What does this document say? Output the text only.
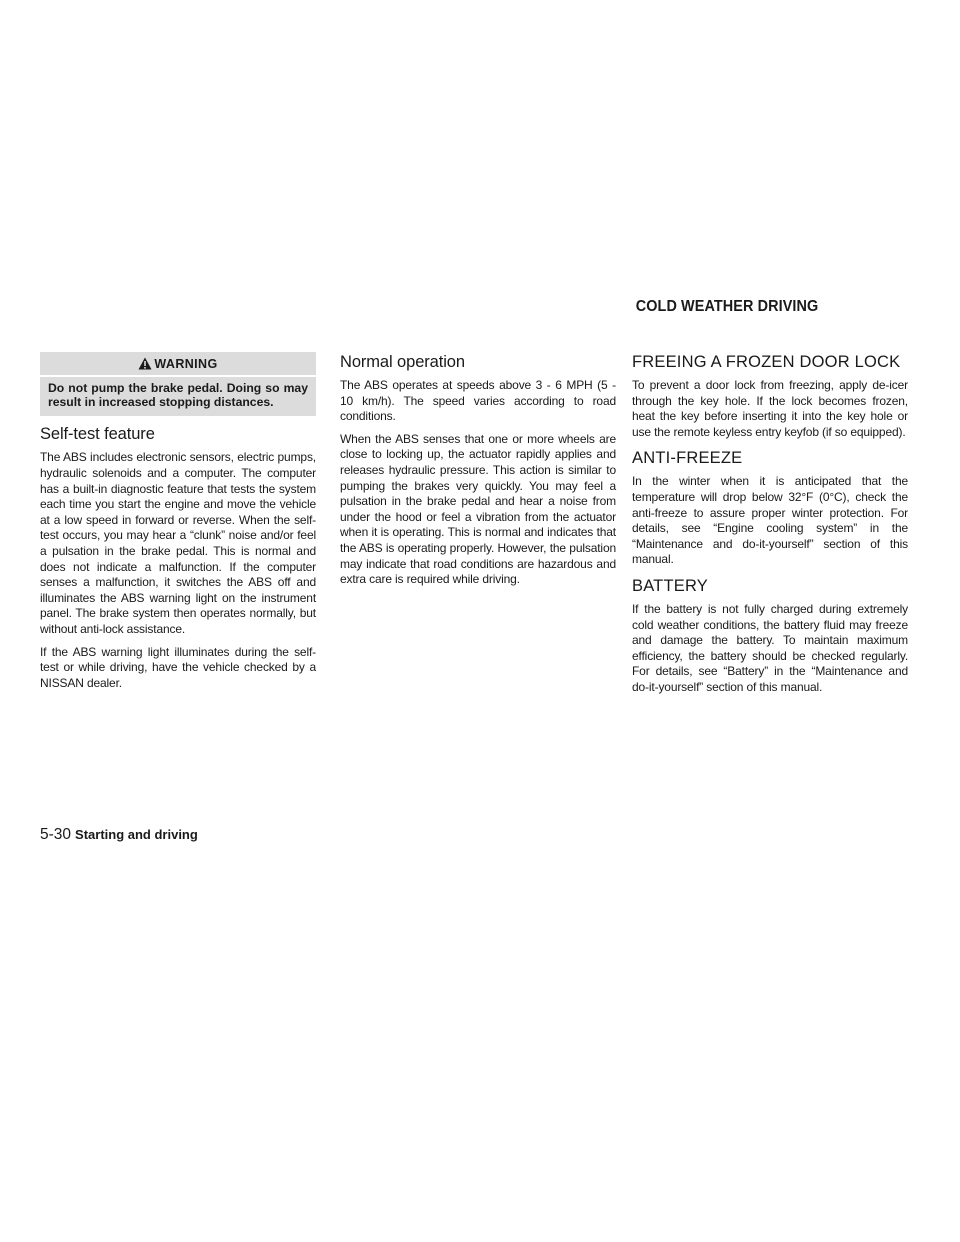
COLD WEATHER DRIVING
WARNING
Do not pump the brake pedal. Doing so may result in increased stopping distances.
Self-test feature

The ABS includes electronic sensors, electric pumps, hydraulic solenoids and a computer. The computer has a built-in diagnostic feature that tests the system each time you start the engine and move the vehicle at a low speed in forward or reverse. When the self-test occurs, you may hear a “clunk” noise and/or feel a pulsation in the brake pedal. This is normal and does not indicate a malfunction. If the computer senses a malfunction, it switches the ABS off and illuminates the ABS warning light on the instrument panel. The brake system then operates normally, but without anti-lock assistance.

If the ABS warning light illuminates during the self-test or while driving, have the vehicle checked by a NISSAN dealer.

Normal operation

The ABS operates at speeds above 3 - 6 MPH (5 - 10 km/h). The speed varies according to road conditions.

When the ABS senses that one or more wheels are close to locking up, the actuator rapidly applies and releases hydraulic pressure. This action is similar to pumping the brakes very quickly. You may feel a pulsation in the brake pedal and hear a noise from under the hood or feel a vibration from the actuator when it is operating. This is normal and indicates that the ABS is operating properly. However, the pulsation may indicate that road conditions are hazardous and extra care is required while driving.

FREEING A FROZEN DOOR LOCK

To prevent a door lock from freezing, apply de-icer through the key hole. If the lock becomes frozen, heat the key before inserting it into the key hole or use the remote keyless entry keyfob (if so equipped).

ANTI-FREEZE

In the winter when it is anticipated that the temperature will drop below 32°F (0°C), check the anti-freeze to assure proper winter protection. For details, see “Engine cooling system” in the “Maintenance and do-it-yourself” section of this manual.

BATTERY

If the battery is not fully charged during extremely cold weather conditions, the battery fluid may freeze and damage the battery. To maintain maximum efficiency, the battery should be checked regularly. For details, see “Battery” in the “Maintenance and do-it-yourself” section of this manual.

5-30 Starting and driving
